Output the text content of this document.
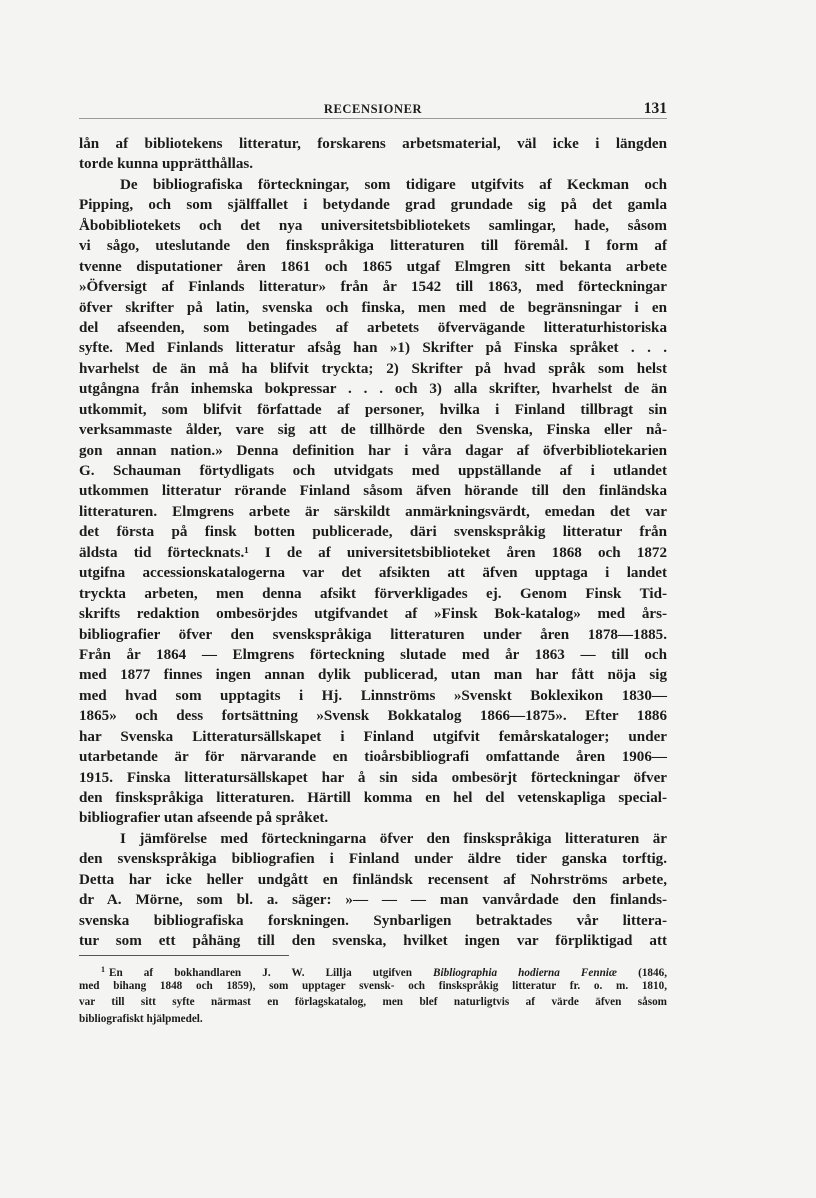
RECENSIONER	131
lån af bibliotekens litteratur, forskarens arbetsmaterial, väl icke i längden
torde kunna upprätthållas.
De bibliografiska förteckningar, som tidigare utgifvits af Keckman och
Pipping, och som själffallet i betydande grad grundade sig på det gamla
Åbobibliotekets och det nya universitetsbibliotekets samlingar, hade, såsom
vi sågo, uteslutande den finskspråkiga litteraturen till föremål. I form af
tvenne disputationer åren 1861 och 1865 utgaf Elmgren sitt bekanta arbete
»Öfversigt af Finlands litteratur» från år 1542 till 1863, med förteckningar
öfver skrifter på latin, svenska och finska, men med de begränsningar i en
del afseenden, som betingades af arbetets öfvervägande litteraturhistoriska
syfte. Med Finlands litteratur afsåg han »1) Skrifter på Finska språket . . .
hvarhelst de än må ha blifvit tryckta; 2) Skrifter på hvad språk som helst
utgångna från inhemska bokpressar . . . och 3) alla skrifter, hvarhelst de än
utkommit, som blifvit författade af personer, hvilka i Finland tillbragt sin
verksammaste ålder, vare sig att de tillhörde den Svenska, Finska eller nå-
gon annan nation.» Denna definition har i våra dagar af öfverbibliotekarien
G. Schauman förtydligats och utvidgats med uppställande af i utlandet
utkommen litteratur rörande Finland såsom äfven hörande till den finländska
litteraturen. Elmgrens arbete är särskildt anmärkningsvärdt, emedan det var
det första på finsk botten publicerade, däri svenskspråkig litteratur från
äldsta tid förtecknats.¹ I de af universitetsbiblioteket åren 1868 och 1872
utgifna accessionskatalogerna var det afsikten att äfven upptaga i landet
tryckta arbeten, men denna afsikt förverkligades ej. Genom Finsk Tid-
skrifts redaktion ombesörjdes utgifvandet af »Finsk Bok-katalog» med års-
bibliografier öfver den svenskspråkiga litteraturen under åren 1878—1885.
Från år 1864 — Elmgrens förteckning slutade med år 1863 — till och
med 1877 finnes ingen annan dylik publicerad, utan man har fått nöja sig
med hvad som upptagits i Hj. Linnströms »Svenskt Boklexikon 1830—
1865» och dess fortsättning »Svensk Bokkatalog 1866—1875». Efter 1886
har Svenska Litteratursällskapet i Finland utgifvit femårskataloger; under
utarbetande är för närvarande en tioårsbibliografi omfattande åren 1906—
1915. Finska litteratursällskapet har å sin sida ombesörjt förteckningar öfver
den finskspråkiga litteraturen. Härtill komma en hel del vetenskapliga special-
bibliografier utan afseende på språket.
I jämförelse med förteckningarna öfver den finskspråkiga litteraturen är
den svenskspråkiga bibliografien i Finland under äldre tider ganska torftig.
Detta har icke heller undgått en finländsk recensent af Nohrströms arbete,
dr A. Mörne, som bl. a. säger: »— — — man vanvårdade den finlands-
svenska bibliografiska forskningen. Synbarligen betraktades vår littera-
tur som ett påhäng till den svenska, hvilket ingen var förpliktigad att
$^1$ En af bokhandlaren J. W. Lillja utgifven Bibliographia hodierna Fenniæ (1846,
med bihang 1848 och 1859), som upptager svensk- och finskspråkig litteratur fr. o. m. 1810,
var till sitt syfte närmast en förlagskatalog, men blef naturligtvis af värde äfven såsom
bibliografiskt hjälpmedel.
